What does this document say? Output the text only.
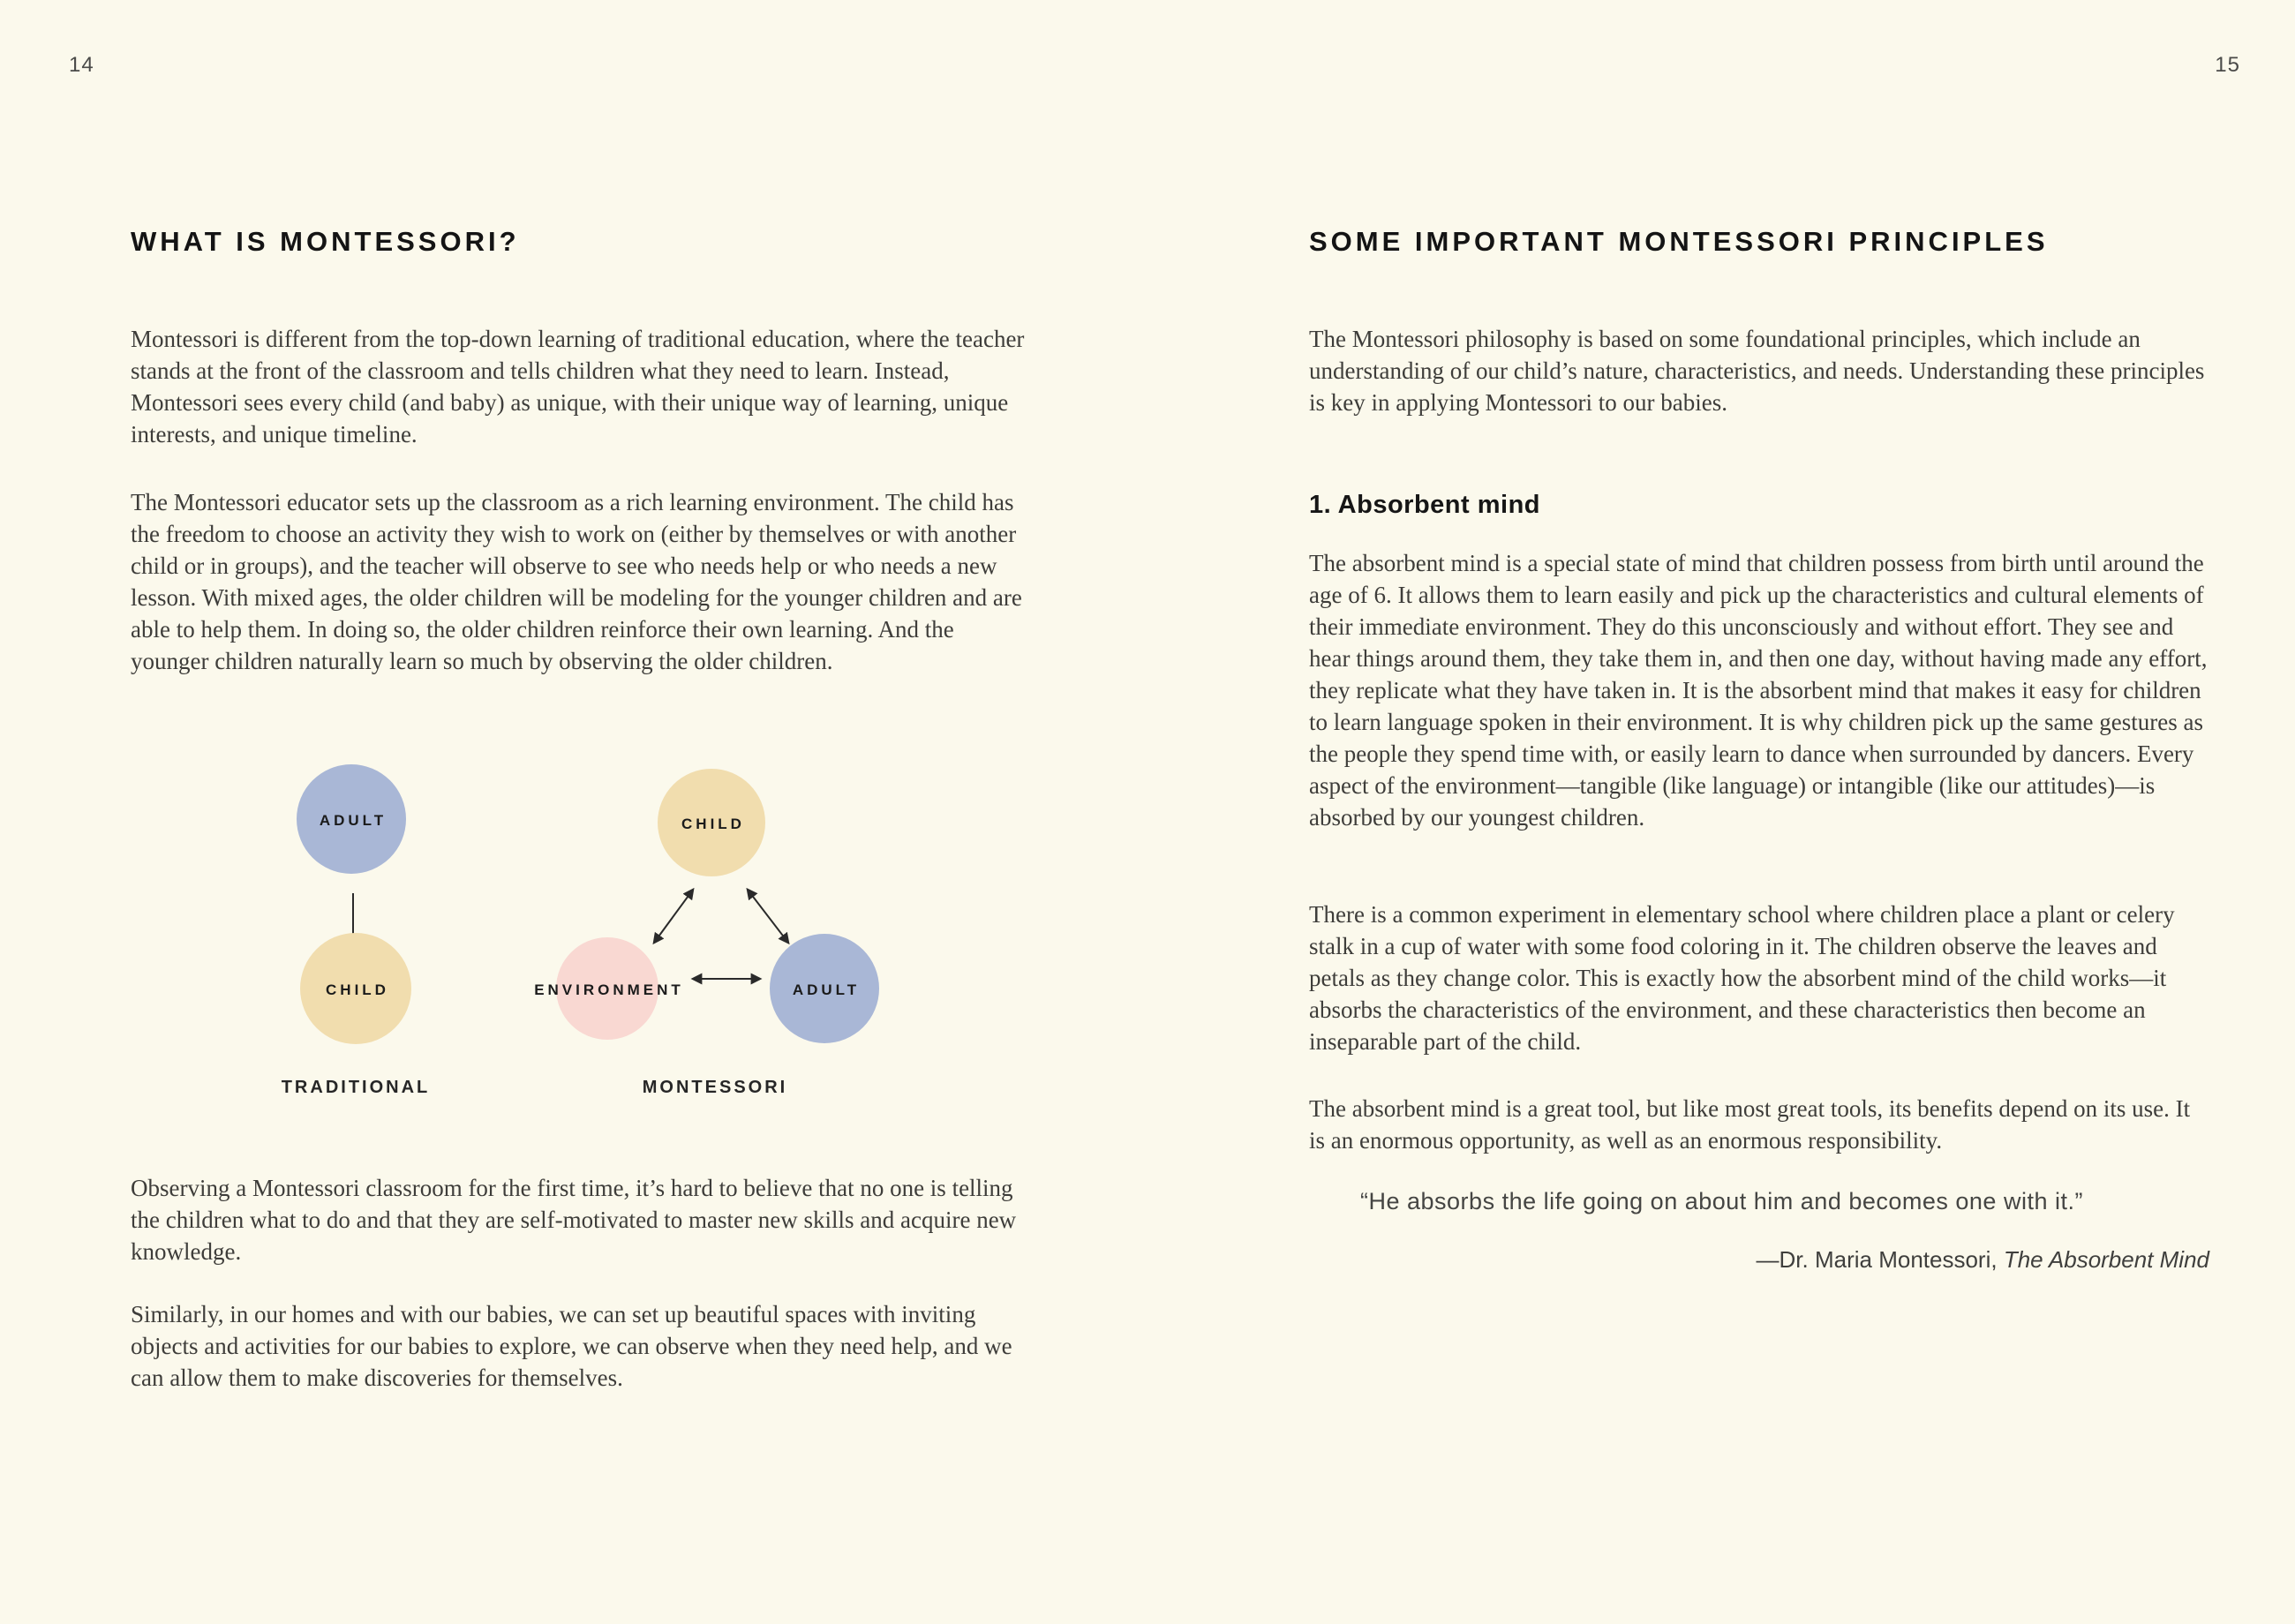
14	15
WHAT IS MONTESSORI?
Montessori is different from the top-down learning of traditional education, where the teacher stands at the front of the classroom and tells children what they need to learn. Instead, Montessori sees every child (and baby) as unique, with their unique way of learning, unique interests, and unique timeline.
The Montessori educator sets up the classroom as a rich learning environment. The child has the freedom to choose an activity they wish to work on (either by themselves or with another child or in groups), and the teacher will observe to see who needs help or who needs a new lesson. With mixed ages, the older children will be modeling for the younger children and are able to help them. In doing so, the older children reinforce their own learning. And the younger children naturally learn so much by observing the older children.
ADULT
CHILD
TRADITIONAL
CHILD
ENVIRONMENT	ADULT
MONTESSORI
Observing a Montessori classroom for the first time, it’s hard to believe that no one is telling the children what to do and that they are self-motivated to master new skills and acquire new knowledge.
Similarly, in our homes and with our babies, we can set up beautiful spaces with inviting objects and activities for our babies to explore, we can observe when they need help, and we can allow them to make discoveries for themselves.
SOME IMPORTANT MONTESSORI PRINCIPLES
The Montessori philosophy is based on some foundational principles, which include an understanding of our child’s nature, characteristics, and needs. Understanding these principles is key in applying Montessori to our babies.
1. Absorbent mind
The absorbent mind is a special state of mind that children possess from birth until around the age of 6. It allows them to learn easily and pick up the characteristics and cultural elements of their immediate environment. They do this unconsciously and without effort. They see and hear things around them, they take them in, and then one day, without having made any effort, they replicate what they have taken in. It is the absorbent mind that makes it easy for children to learn language spoken in their environment. It is why children pick up the same gestures as the people they spend time with, or easily learn to dance when surrounded by dancers. Every aspect of the environment—tangible (like language) or intangible (like our attitudes)—is absorbed by our youngest children.
There is a common experiment in elementary school where children place a plant or celery stalk in a cup of water with some food coloring in it. The children observe the leaves and petals as they change color. This is exactly how the absorbent mind of the child works—it absorbs the characteristics of the environment, and these characteristics then become an inseparable part of the child.
The absorbent mind is a great tool, but like most great tools, its benefits depend on its use. It is an enormous opportunity, as well as an enormous responsibility.
“He absorbs the life going on about him and becomes one with it.”
—Dr. Maria Montessori, The Absorbent Mind
